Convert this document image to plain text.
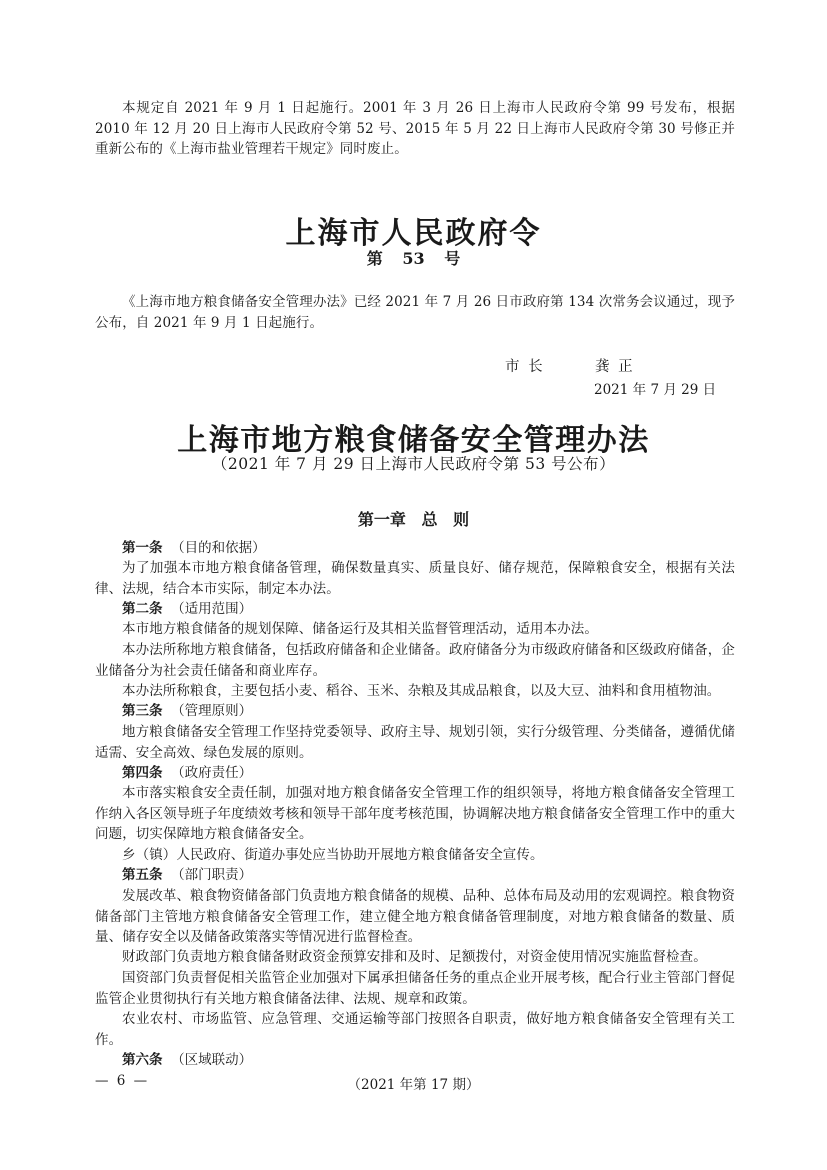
本规定自 2021 年 9 月 1 日起施行。2001 年 3 月 26 日上海市人民政府令第 99 号发布，根据 2010 年 12 月 20 日上海市人民政府令第 52 号、2015 年 5 月 22 日上海市人民政府令第 30 号修正并重新公布的《上海市盐业管理若干规定》同时废止。

上海市人民政府令

第 53 号

《上海市地方粮食储备安全管理办法》已经 2021 年 7 月 26 日市政府第 134 次常务会议通过，现予公布，自 2021 年 9 月 1 日起施行。

市 长	龚 正

2021 年 7 月 29 日

上海市地方粮食储备安全管理办法

（2021 年 7 月 29 日上海市人民政府令第 53 号公布）

第一章 总 则

第一条 （目的和依据）

为了加强本市地方粮食储备管理，确保数量真实、质量良好、储存规范，保障粮食安全，根据有关法律、法规，结合本市实际，制定本办法。

第二条 （适用范围）

本市地方粮食储备的规划保障、储备运行及其相关监督管理活动，适用本办法。

本办法所称地方粮食储备，包括政府储备和企业储备。政府储备分为市级政府储备和区级政府储备，企业储备分为社会责任储备和商业库存。

本办法所称粮食，主要包括小麦、稻谷、玉米、杂粮及其成品粮食，以及大豆、油料和食用植物油。

第三条 （管理原则）

地方粮食储备安全管理工作坚持党委领导、政府主导、规划引领，实行分级管理、分类储备，遵循优储适需、安全高效、绿色发展的原则。

第四条 （政府责任）

本市落实粮食安全责任制，加强对地方粮食储备安全管理工作的组织领导，将地方粮食储备安全管理工作纳入各区领导班子年度绩效考核和领导干部年度考核范围，协调解决地方粮食储备安全管理工作中的重大问题，切实保障地方粮食储备安全。

乡（镇）人民政府、街道办事处应当协助开展地方粮食储备安全宣传。

第五条 （部门职责）

发展改革、粮食物资储备部门负责地方粮食储备的规模、品种、总体布局及动用的宏观调控。粮食物资储备部门主管地方粮食储备安全管理工作，建立健全地方粮食储备管理制度，对地方粮食储备的数量、质量、储存安全以及储备政策落实等情况进行监督检查。

财政部门负责地方粮食储备财政资金预算安排和及时、足额拨付，对资金使用情况实施监督检查。

国资部门负责督促相关监管企业加强对下属承担储备任务的重点企业开展考核，配合行业主管部门督促监管企业贯彻执行有关地方粮食储备法律、法规、规章和政策。

农业农村、市场监管、应急管理、交通运输等部门按照各自职责，做好地方粮食储备安全管理有关工作。

第六条 （区域联动）

— 6 —	（2021 年第 17 期）
